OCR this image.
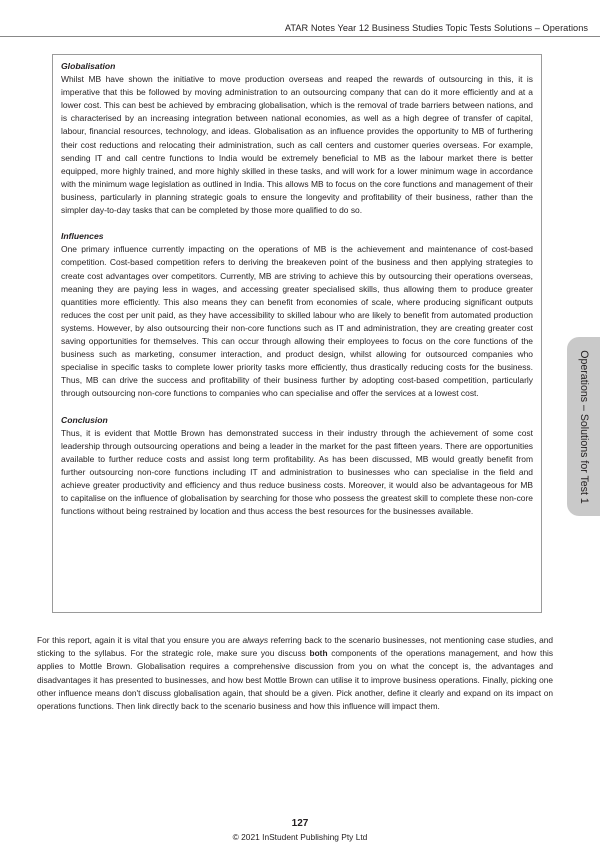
ATAR Notes Year 12 Business Studies Topic Tests Solutions – Operations
Globalisation

Whilst MB have shown the initiative to move production overseas and reaped the rewards of outsourcing in this, it is imperative that this be followed by moving administration to an outsourcing company that can do it more efficiently and at a lower cost. This can best be achieved by embracing globalisation, which is the removal of trade barriers between nations, and is characterised by an increasing integration between national economies, as well as a high degree of transfer of capital, labour, financial resources, technology, and ideas. Globalisation as an influence provides the opportunity to MB of furthering their cost reductions and relocating their administration, such as call centers and customer queries overseas. For example, sending IT and call centre functions to India would be extremely beneficial to MB as the labour market there is better equipped, more highly trained, and more highly skilled in these tasks, and will work for a lower minimum wage in accordance with the minimum wage legislation as outlined in India. This allows MB to focus on the core functions and management of their business, particularly in planning strategic goals to ensure the longevity and profitability of their business, rather than the simpler day-to-day tasks that can be completed by those more qualified to do so.

Influences

One primary influence currently impacting on the operations of MB is the achievement and maintenance of cost-based competition. Cost-based competition refers to deriving the breakeven point of the business and then applying strategies to create cost advantages over competitors. Currently, MB are striving to achieve this by outsourcing their operations overseas, meaning they are paying less in wages, and accessing greater specialised skills, thus allowing them to produce greater quantities more efficiently. This also means they can benefit from economies of scale, where producing significant outputs reduces the cost per unit paid, as they have accessibility to skilled labour who are likely to benefit from automated production systems. However, by also outsourcing their non-core functions such as IT and administration, they are creating greater cost saving opportunities for themselves. This can occur through allowing their employees to focus on the core functions of the business such as marketing, consumer interaction, and product design, whilst allowing for outsourced companies who specialise in specific tasks to complete lower priority tasks more efficiently, thus drastically reducing costs for the business. Thus, MB can drive the success and profitability of their business further by adopting cost-based competition, particularly through outsourcing non-core functions to companies who can specialise and offer the services at a lowest cost.

Conclusion

Thus, it is evident that Mottle Brown has demonstrated success in their industry through the achievement of some cost leadership through outsourcing operations and being a leader in the market for the past fifteen years. There are opportunities available to further reduce costs and assist long term profitability. As has been discussed, MB would greatly benefit from further outsourcing non-core functions including IT and administration to businesses who can specialise in the field and achieve greater productivity and efficiency and thus reduce business costs. Moreover, it would also be advantageous for MB to capitalise on the influence of globalisation by searching for those who possess the greatest skill to complete these non-core functions without being restrained by location and thus access the best resources for the businesses available.

For this report, again it is vital that you ensure you are always referring back to the scenario businesses, not mentioning case studies, and sticking to the syllabus. For the strategic role, make sure you discuss both components of the operations management, and how this applies to Mottle Brown. Globalisation requires a comprehensive discussion from you on what the concept is, the advantages and disadvantages it has presented to businesses, and how best Mottle Brown can utilise it to improve business operations. Finally, picking one other influence means don't discuss globalisation again, that should be a given. Pick another, define it clearly and expand on its impact on operations functions. Then link directly back to the scenario business and how this influence will impact them.
Operations – Solutions for Test 1
127
© 2021 InStudent Publishing Pty Ltd
